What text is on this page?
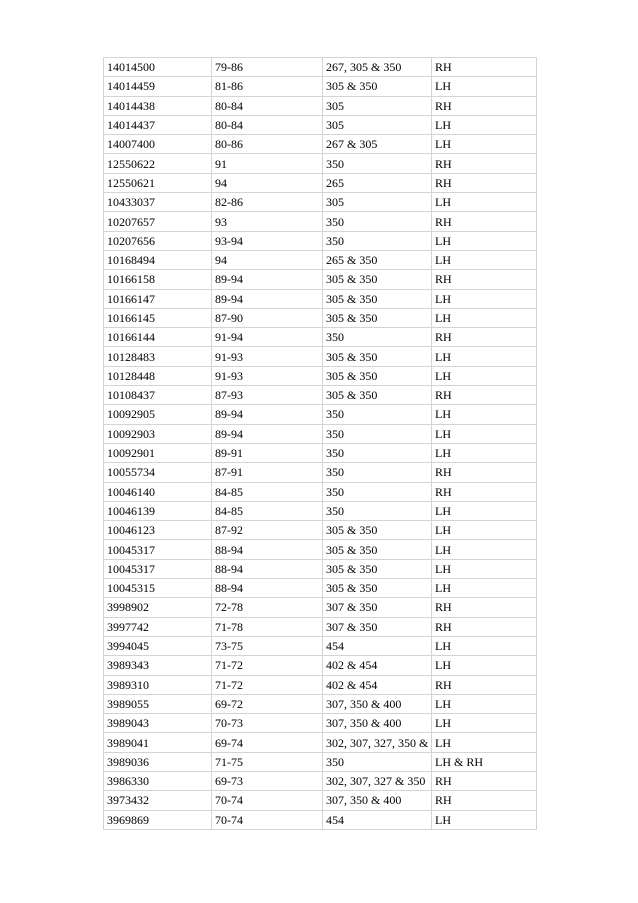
14014500	79-86	267, 305 & 350	RH
14014459	81-86	305 & 350	LH
14014438	80-84	305	RH
14014437	80-84	305	LH
14007400	80-86	267 & 305	LH
12550622	91	350	RH
12550621	94	265	RH
10433037	82-86	305	LH
10207657	93	350	RH
10207656	93-94	350	LH
10168494	94	265 & 350	LH
10166158	89-94	305 & 350	RH
10166147	89-94	305 & 350	LH
10166145	87-90	305 & 350	LH
10166144	91-94	350	RH
10128483	91-93	305 & 350	LH
10128448	91-93	305 & 350	LH
10108437	87-93	305 & 350	RH
10092905	89-94	350	LH
10092903	89-94	350	LH
10092901	89-91	350	LH
10055734	87-91	350	RH
10046140	84-85	350	RH
10046139	84-85	350	LH
10046123	87-92	305 & 350	LH
10045317	88-94	305 & 350	LH
10045317	88-94	305 & 350	LH
10045315	88-94	305 & 350	LH
3998902	72-78	307 & 350	RH
3997742	71-78	307 & 350	RH
3994045	73-75	454	LH
3989343	71-72	402 & 454	LH
3989310	71-72	402 & 454	RH
3989055	69-72	307, 350 & 400	LH
3989043	70-73	307, 350 & 400	LH
3989041	69-74	302, 307, 327, 350 &	LH
3989036	71-75	350	LH & RH
3986330	69-73	302, 307, 327 & 350	RH
3973432	70-74	307, 350 & 400	RH
3969869	70-74	454	LH
